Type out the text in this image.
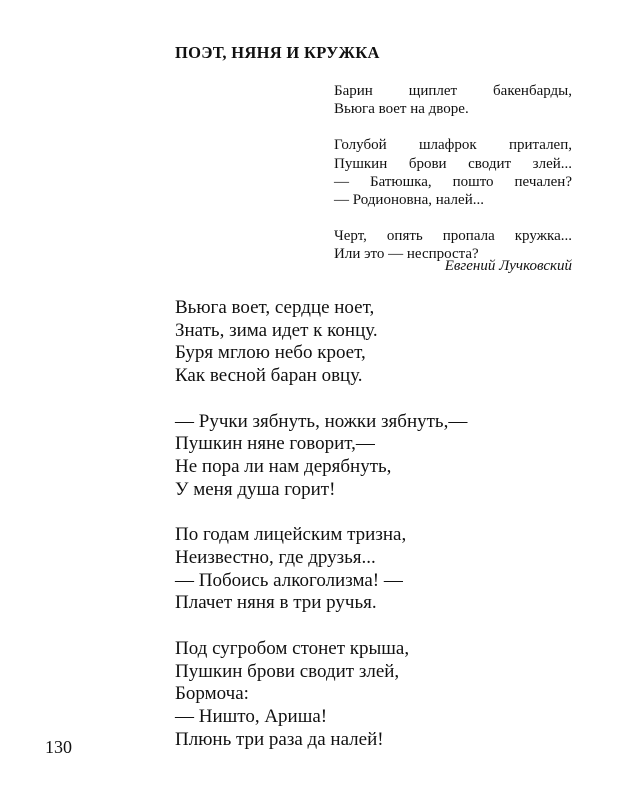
ПОЭТ, НЯНЯ И КРУЖКА
Барин щиплет бакенбарды,
Вьюга воет на дворе.
Голубой шлафрок приталеп,
Пушкин брови сводит злей...
— Батюшка, пошто печален?
— Родионовна, налей...
Черт, опять пропала кружка...
Или это — неспроста?
Евгений Лучковский
Вьюга воет, сердце ноет,
Знать, зима идет к концу.
Буря мглою небо кроет,
Как весной баран овцу.
— Ручки зябнуть, ножки зябнуть,—
Пушкин няне говорит,—
Не пора ли нам дерябнуть,
У меня душа горит!
По годам лицейским тризна,
Неизвестно, где друзья...
— Побоись алкоголизма! —
Плачет няня в три ручья.
Под сугробом стонет крыша,
Пушкин брови сводит злей,
Бормоча:
— Ништо, Ариша!
Плюнь три раза да налей!
130
